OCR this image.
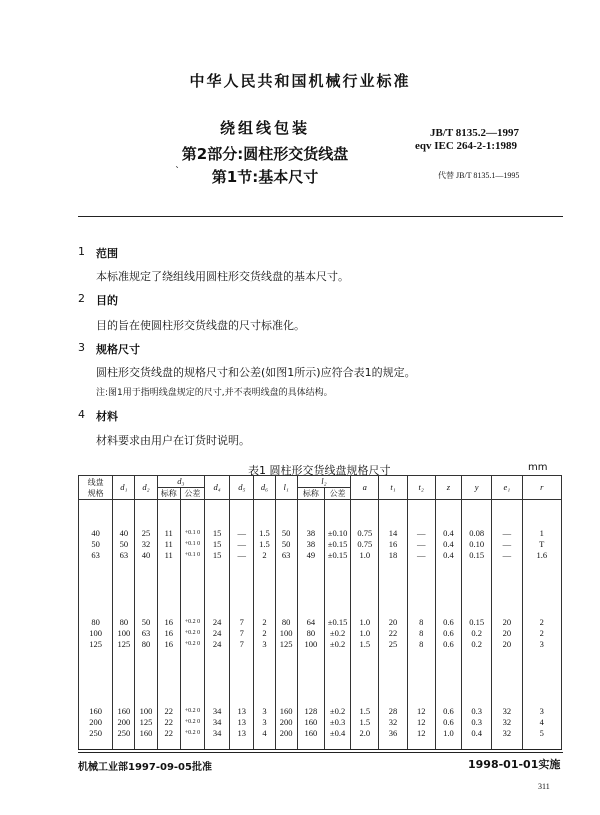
中华人民共和国机械行业标准
绕组线包装
第2部分:圆柱形交货线盘
`	第1节:基本尺寸
JB/T 8135.2—1997
eqv IEC 264-2-1:1989
代替 JB/T 8135.1—1995
1 范围
本标准规定了绕组线用圆柱形交货线盘的基本尺寸。
2 目的
目的旨在使圆柱形交货线盘的尺寸标准化。
3 规格尺寸
圆柱形交货线盘的规格尺寸和公差(如图1所示)应符合表1的规定。
注:图1用于指明线盘规定的尺寸,并不表明线盘的具体结构。
4 材料
材料要求由用户在订货时说明。
表1 圆柱形交货线盘规格尺寸	mm
线盘
规格	d₁	d₂	d₃		d₄	d₅	d₆	l₁	l₂		a	t₁	t₂	z	y	e₁	r
			标称	公差					标称	公差							

40	40	25	11	+0.1 0	15	—	1.5	50	38	±0.10	0.75	14	—	0.4	0.08	—	1
50	50	32	11	+0.1 0	15	—	1.5	50	38	±0.15	0.75	16	—	0.4	0.10	—	T
63	63	40	11	+0.1 0	15	—	2	63	49	±0.15	1.0	18	—	0.4	0.15	—	1.6

80	80	50	16	+0.2 0	24	7	2	80	64	±0.15	1.0	20	8	0.6	0.15	20	2
100	100	63	16	+0.2 0	24	7	2	100	80	±0.2	1.0	22	8	0.6	0.2	20	2
125	125	80	16	+0.2 0	24	7	3	125	100	±0.2	1.5	25	8	0.6	0.2	20	3

160	160	100	22	+0.2 0	34	13	3	160	128	±0.2	1.5	28	12	0.6	0.3	32	3
200	200	125	22	+0.2 0	34	13	3	200	160	±0.3	1.5	32	12	0.6	0.3	32	4
250	250	160	22	+0.2 0	34	13	4	200	160	±0.4	2.0	36	12	1.0	0.4	32	5

机械工业部1997-09-05批准	1998-01-01实施
311
